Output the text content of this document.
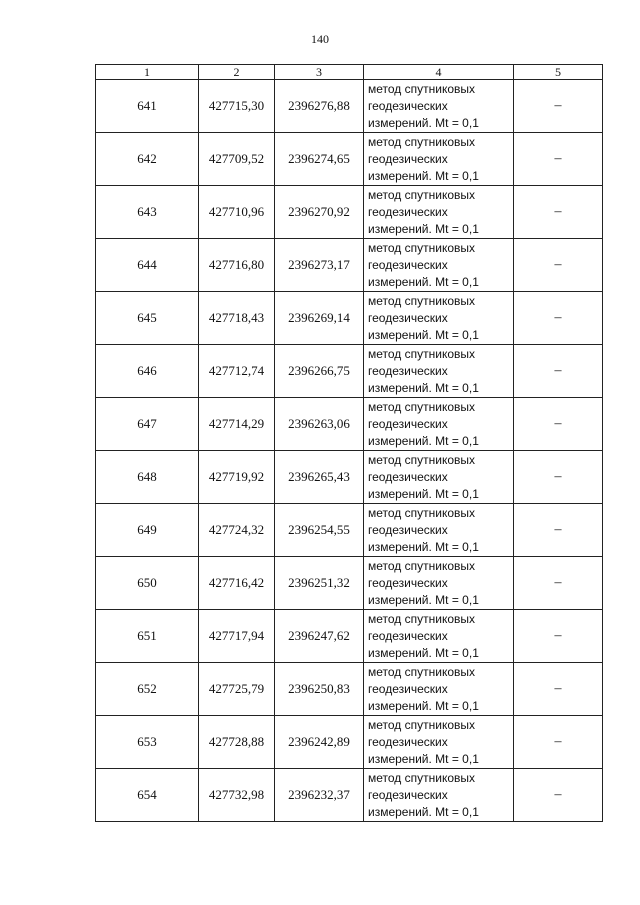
140
1	2	3	4	5
641	427715,30	2396276,88	метод спутниковых
геодезических
измерений. Mt = 0,1	–
642	427709,52	2396274,65	метод спутниковых
геодезических
измерений. Mt = 0,1	–
643	427710,96	2396270,92	метод спутниковых
геодезических
измерений. Mt = 0,1	–
644	427716,80	2396273,17	метод спутниковых
геодезических
измерений. Mt = 0,1	–
645	427718,43	2396269,14	метод спутниковых
геодезических
измерений. Mt = 0,1	–
646	427712,74	2396266,75	метод спутниковых
геодезических
измерений. Mt = 0,1	–
647	427714,29	2396263,06	метод спутниковых
геодезических
измерений. Mt = 0,1	–
648	427719,92	2396265,43	метод спутниковых
геодезических
измерений. Mt = 0,1	–
649	427724,32	2396254,55	метод спутниковых
геодезических
измерений. Mt = 0,1	–
650	427716,42	2396251,32	метод спутниковых
геодезических
измерений. Mt = 0,1	–
651	427717,94	2396247,62	метод спутниковых
геодезических
измерений. Mt = 0,1	–
652	427725,79	2396250,83	метод спутниковых
геодезических
измерений. Mt = 0,1	–
653	427728,88	2396242,89	метод спутниковых
геодезических
измерений. Mt = 0,1	–
654	427732,98	2396232,37	метод спутниковых
геодезических
измерений. Mt = 0,1	–
